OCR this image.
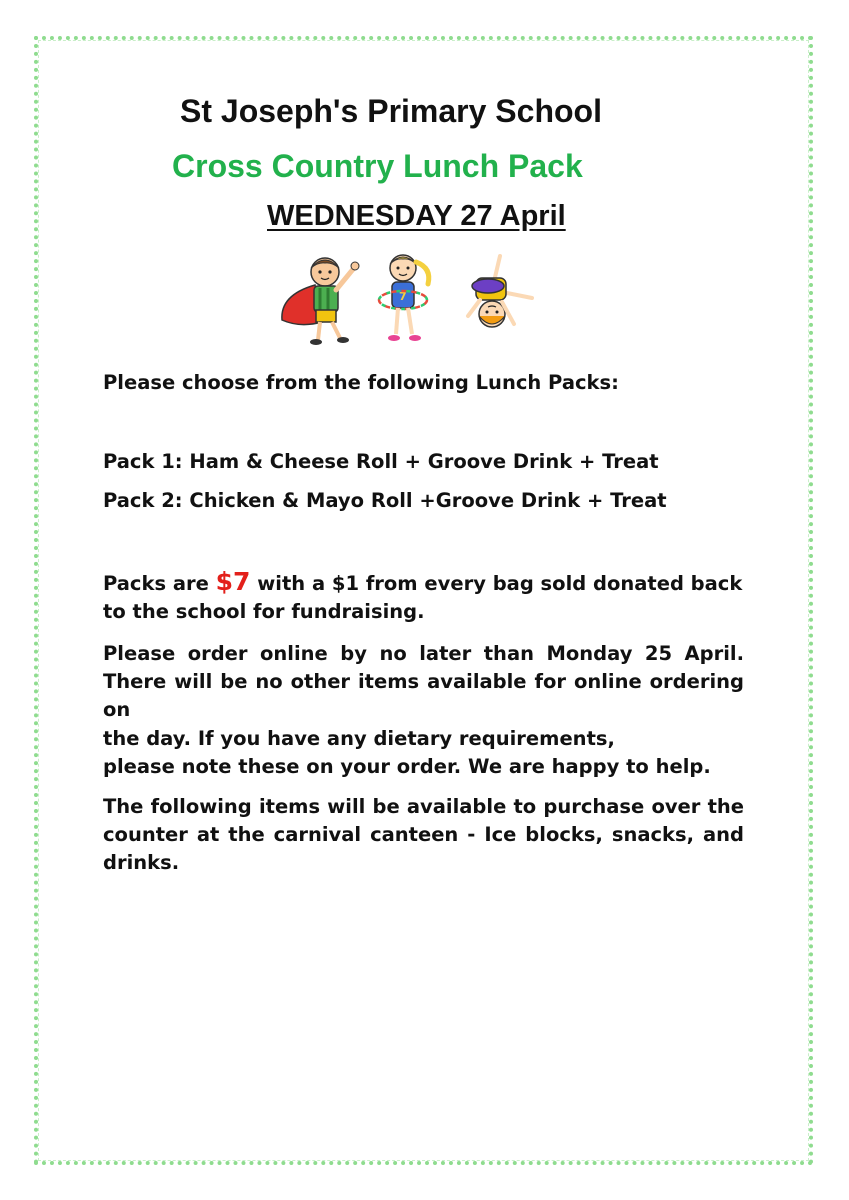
St Joseph's Primary School
Cross Country Lunch Pack
WEDNESDAY 27 April
7
Please choose from the following Lunch Packs:
Pack 1: Ham & Cheese Roll + Groove Drink + Treat
Pack 2: Chicken & Mayo Roll +Groove Drink + Treat
Packs are $7 with a $1 from every bag sold donated back to the school for fundraising.
Please order online by no later than Monday 25 April. There will be no other items available for online ordering on
the day. If you have any dietary requirements,
please note these on your order. We are happy to help.
The following items will be available to purchase over the counter at the carnival canteen - Ice blocks, snacks, and drinks.
